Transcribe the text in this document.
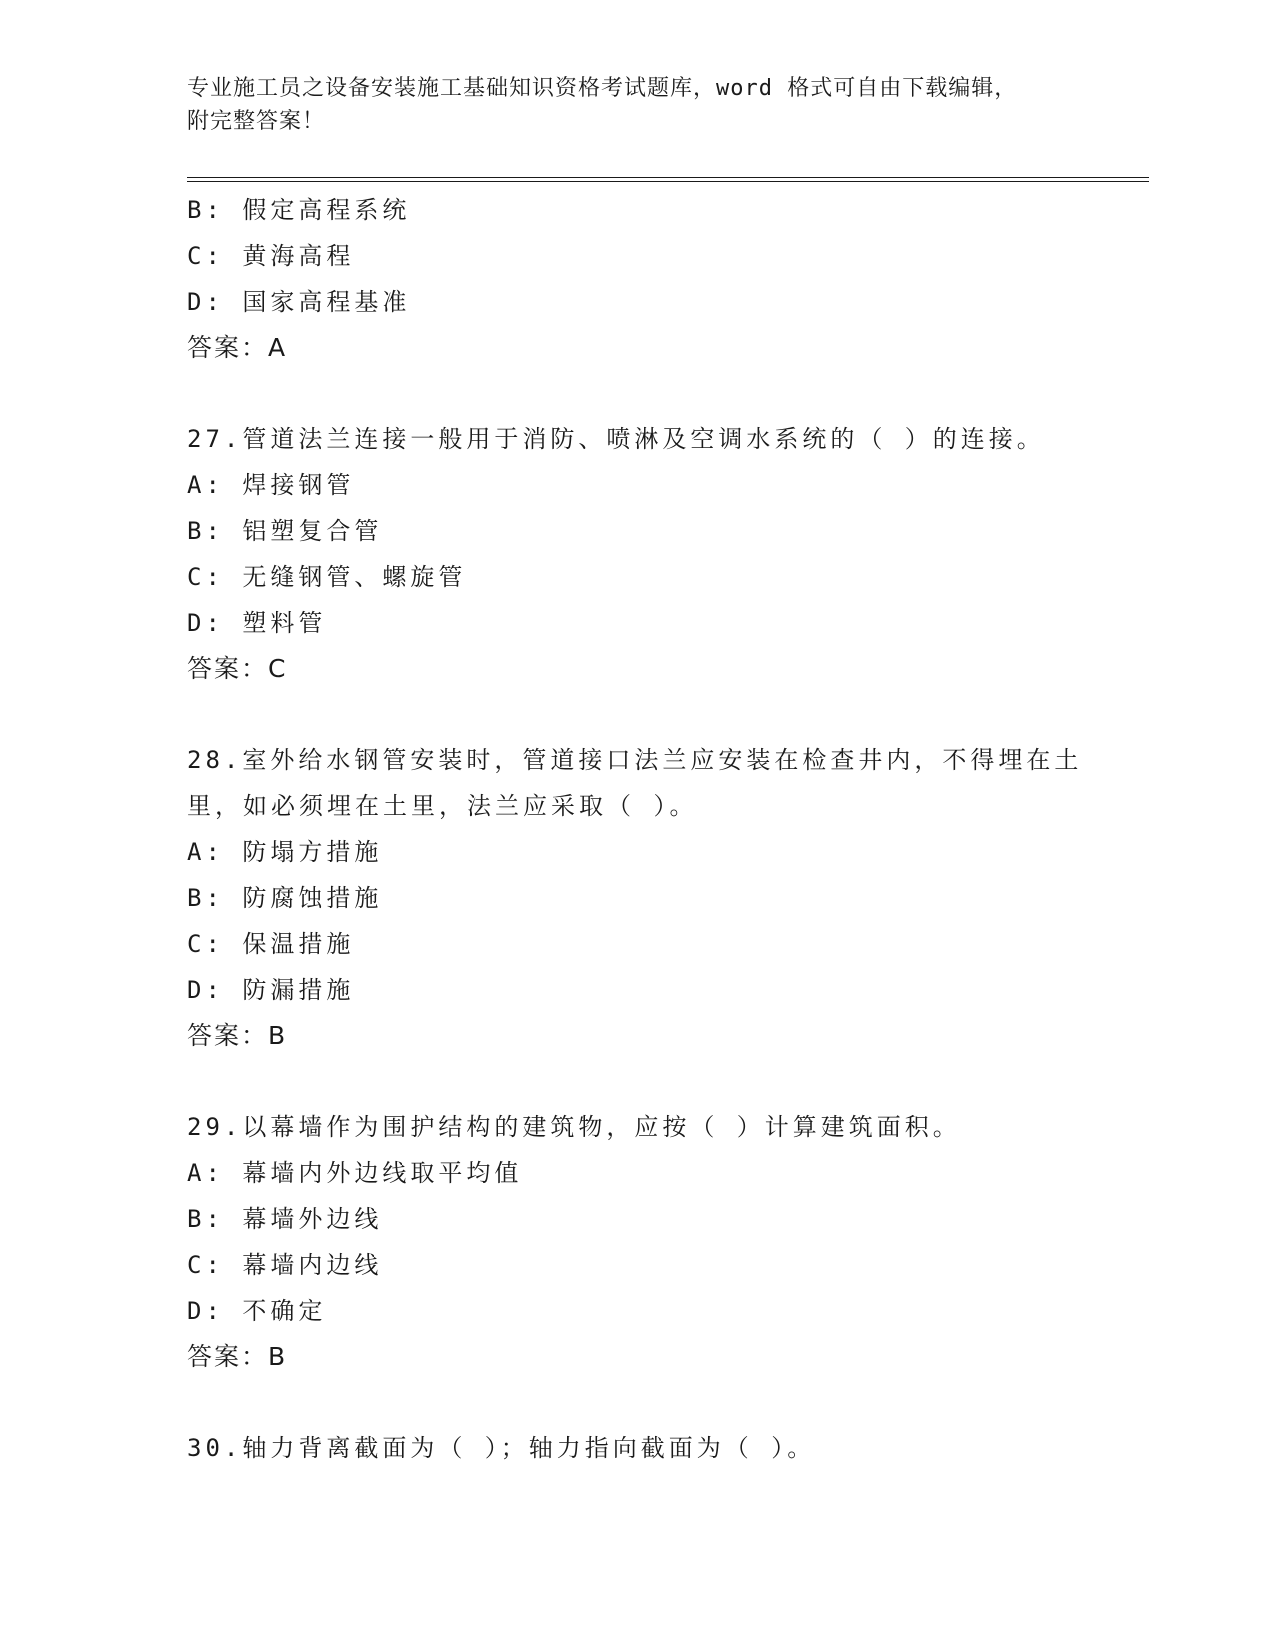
专业施工员之设备安装施工基础知识资格考试题库，word 格式可自由下载编辑，
附完整答案！
B: 假定高程系统
C: 黄海高程
D: 国家高程基准
答案：A
27.管道法兰连接一般用于消防、喷淋及空调水系统的（ ）的连接。
A: 焊接钢管
B: 铝塑复合管
C: 无缝钢管、螺旋管
D: 塑料管
答案：C
28.室外给水钢管安装时，管道接口法兰应安装在检查井内，不得埋在土里，如必须埋在土里，法兰应采取（ ）。
A: 防塌方措施
B: 防腐蚀措施
C: 保温措施
D: 防漏措施
答案：B
29.以幕墙作为围护结构的建筑物，应按（ ）计算建筑面积。
A: 幕墙内外边线取平均值
B: 幕墙外边线
C: 幕墙内边线
D: 不确定
答案：B
30.轴力背离截面为（ ）；轴力指向截面为（ ）。
